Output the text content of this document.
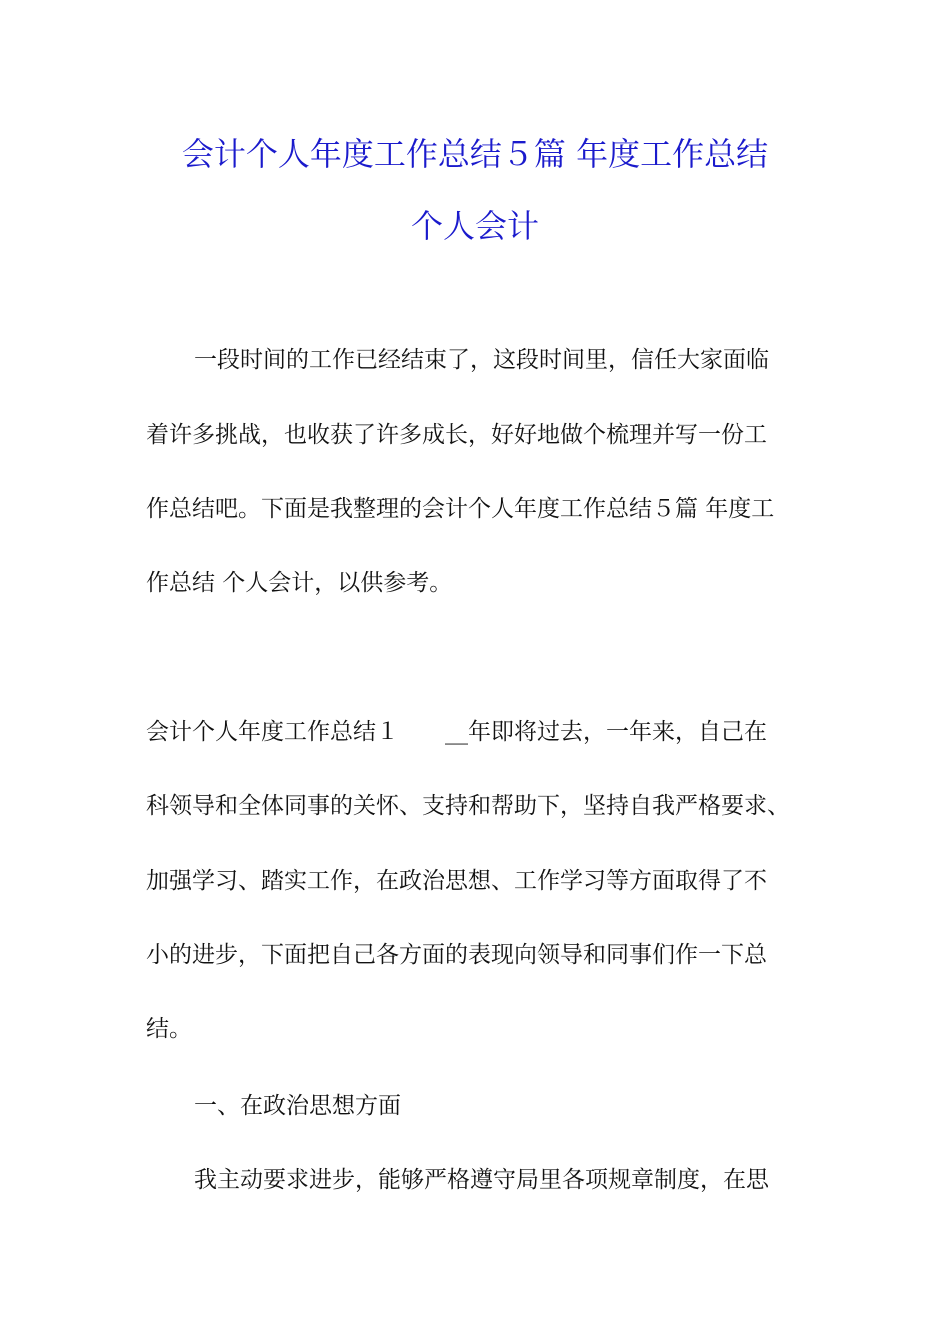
会计个人年度工作总结５篇 年度工作总结
个人会计
一段时间的工作已经结束了，这段时间里，信任大家面临
着许多挑战，也收获了许多成长，好好地做个梳理并写一份工
作总结吧。下面是我整理的会计个人年度工作总结５篇 年度工
作总结 个人会计，以供参考。
会计个人年度工作总结１　　__年即将过去，一年来，自己在
科领导和全体同事的关怀、支持和帮助下，坚持自我严格要求、
加强学习、踏实工作，在政治思想、工作学习等方面取得了不
小的进步，下面把自己各方面的表现向领导和同事们作一下总
结。
一、在政治思想方面
我主动要求进步，能够严格遵守局里各项规章制度，在思
